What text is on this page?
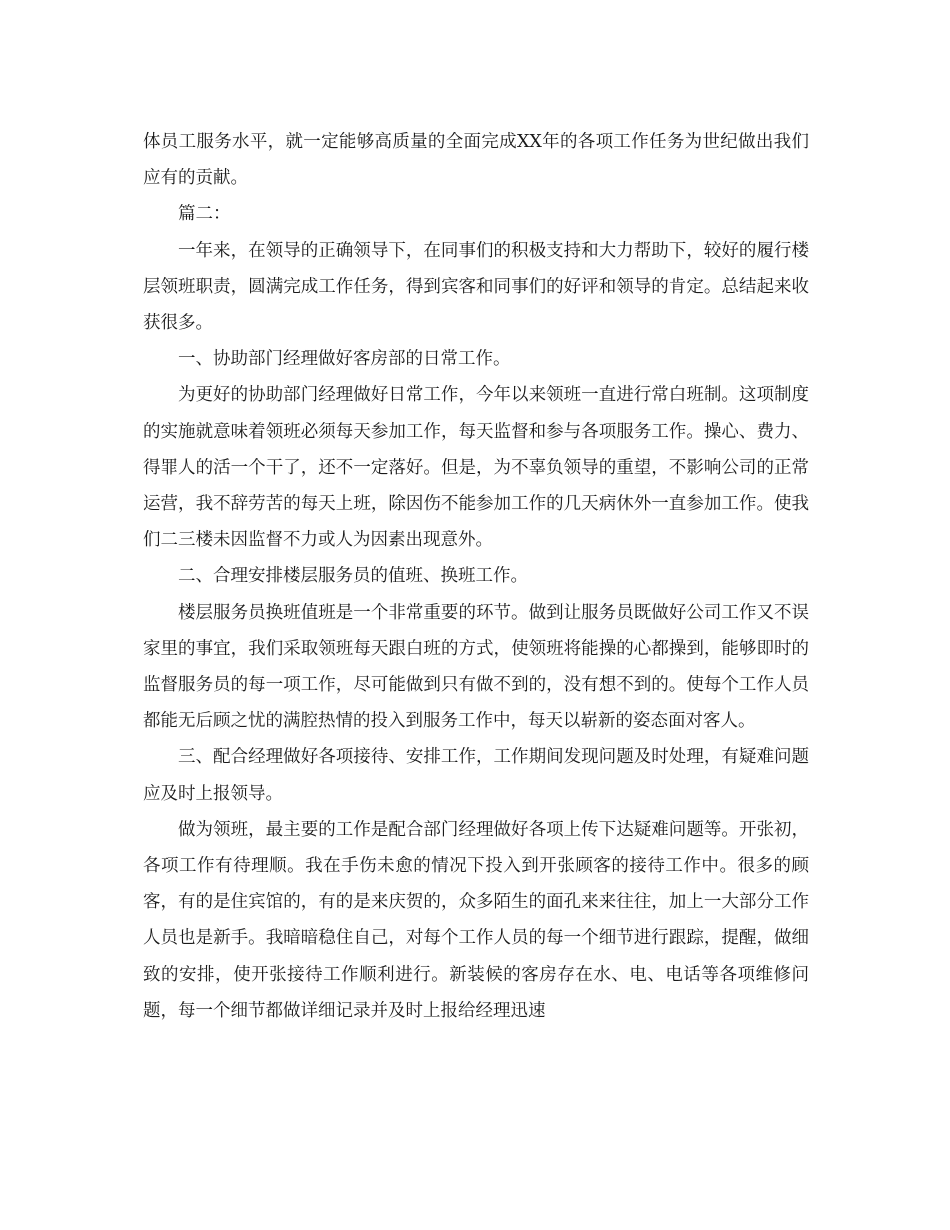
体员工服务水平，就一定能够高质量的全面完成XX年的各项工作任务为世纪做出我们应有的贡献。

篇二：

一年来，在领导的正确领导下，在同事们的积极支持和大力帮助下，较好的履行楼层领班职责，圆满完成工作任务，得到宾客和同事们的好评和领导的肯定。总结起来收获很多。

一、协助部门经理做好客房部的日常工作。

为更好的协助部门经理做好日常工作，今年以来领班一直进行常白班制。这项制度的实施就意味着领班必须每天参加工作，每天监督和参与各项服务工作。操心、费力、得罪人的活一个干了，还不一定落好。但是，为不辜负领导的重望，不影响公司的正常运营，我不辞劳苦的每天上班，除因伤不能参加工作的几天病休外一直参加工作。使我们二三楼未因监督不力或人为因素出现意外。

二、合理安排楼层服务员的值班、换班工作。

楼层服务员换班值班是一个非常重要的环节。做到让服务员既做好公司工作又不误家里的事宜，我们采取领班每天跟白班的方式，使领班将能操的心都操到，能够即时的监督服务员的每一项工作，尽可能做到只有做不到的，没有想不到的。使每个工作人员都能无后顾之忧的满腔热情的投入到服务工作中，每天以崭新的姿态面对客人。

三、配合经理做好各项接待、安排工作，工作期间发现问题及时处理，有疑难问题应及时上报领导。

做为领班，最主要的工作是配合部门经理做好各项上传下达疑难问题等。开张初，各项工作有待理顺。我在手伤未愈的情况下投入到开张顾客的接待工作中。很多的顾客，有的是住宾馆的，有的是来庆贺的，众多陌生的面孔来来往往，加上一大部分工作人员也是新手。我暗暗稳住自己，对每个工作人员的每一个细节进行跟踪，提醒，做细致的安排，使开张接待工作顺利进行。新装候的客房存在水、电、电话等各项维修问题，每一个细节都做详细记录并及时上报给经理迅速
